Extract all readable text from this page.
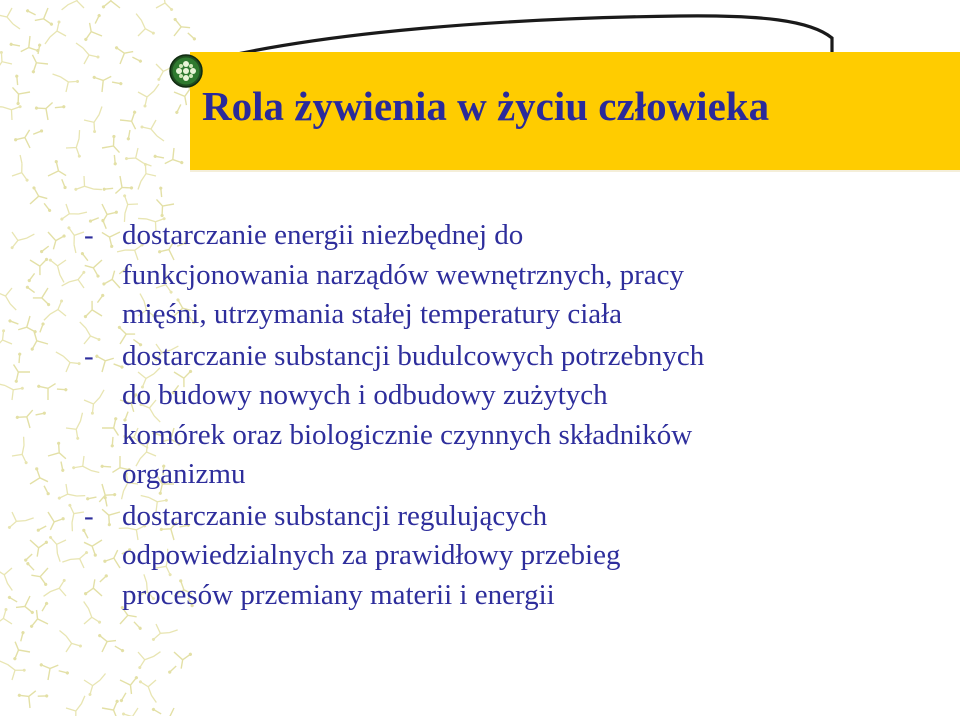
Rola żywienia w życiu człowieka
- dostarczanie energii niezbędnej do
funkcjonowania narządów wewnętrznych, pracy
mięśni, utrzymania stałej temperatury ciała
- dostarczanie substancji budulcowych potrzebnych
do budowy nowych i odbudowy zużytych
komórek oraz biologicznie czynnych składników
organizmu
- dostarczanie substancji regulujących
odpowiedzialnych za prawidłowy przebieg
procesów przemiany materii i energii
